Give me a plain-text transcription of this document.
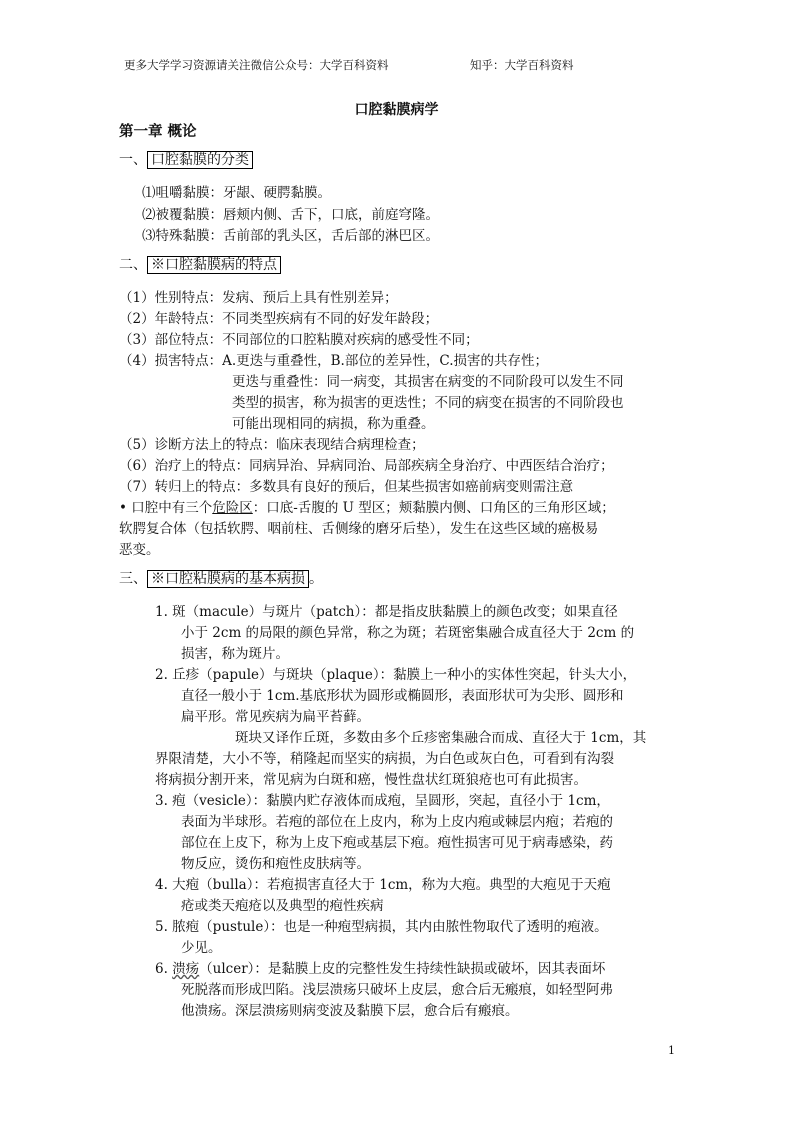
更多大学学习资源请关注微信公众号：大学百科资料	知乎：大学百科资料
口腔黏膜病学
第一章 概论
一、 口腔黏膜的分类
⑴咀嚼黏膜：牙龈、硬腭黏膜。
⑵被覆黏膜：唇颊内侧、舌下，口底，前庭穹隆。
⑶特殊黏膜：舌前部的乳头区，舌后部的淋巴区。
二、 ※口腔黏膜病的特点
（1）性别特点：发病、预后上具有性别差异；
（2）年龄特点：不同类型疾病有不同的好发年龄段；
（3）部位特点：不同部位的口腔粘膜对疾病的感受性不同；
（4）损害特点：A.更迭与重叠性，B.部位的差异性，C.损害的共存性；
更迭与重叠性：同一病变，其损害在病变的不同阶段可以发生不同
类型的损害，称为损害的更迭性；不同的病变在损害的不同阶段也
可能出现相同的病损，称为重叠。
（5）诊断方法上的特点：临床表现结合病理检查；
（6）治疗上的特点：同病异治、异病同治、局部疾病全身治疗、中西医结合治疗；
（7）转归上的特点：多数具有良好的预后，但某些损害如癌前病变则需注意
• 口腔中有三个危险区：口底-舌腹的 U 型区；颊黏膜内侧、口角区的三角形区域；
软腭复合体（包括软腭、咽前柱、舌侧缘的磨牙后垫），发生在这些区域的癌极易
恶变。
三、 ※口腔粘膜病的基本病损 。
1. 斑（macule）与斑片（patch）：都是指皮肤黏膜上的颜色改变；如果直径
小于 2cm 的局限的颜色异常，称之为斑；若斑密集融合成直径大于 2cm 的
损害，称为斑片。
2. 丘疹（papule）与斑块（plaque）：黏膜上一种小的实体性突起，针头大小，
直径一般小于 1cm.基底形状为圆形或椭圆形，表面形状可为尖形、圆形和
扁平形。常见疾病为扁平苔藓。
斑块又译作丘斑，多数由多个丘疹密集融合而成、直径大于 1cm，其
界限清楚，大小不等，稍隆起而坚实的病损，为白色或灰白色，可看到有沟裂
将病损分割开来，常见病为白斑和癌，慢性盘状红斑狼疮也可有此损害。
3. 疱（vesicle）：黏膜内贮存液体而成疱，呈圆形，突起，直径小于 1cm，
表面为半球形。若疱的部位在上皮内，称为上皮内疱或棘层内疱；若疱的
部位在上皮下，称为上皮下疱或基层下疱。疱性损害可见于病毒感染，药
物反应，烫伤和疱性皮肤病等。
4. 大疱（bulla）：若疱损害直径大于 1cm，称为大疱。典型的大疱见于天疱
疮或类天疱疮以及典型的疱性疾病
5. 脓疱（pustule）：也是一种疱型病损，其内由脓性物取代了透明的疱液。
少见。
6. 溃疡（ulcer）：是黏膜上皮的完整性发生持续性缺损或破坏，因其表面坏
死脱落而形成凹陷。浅层溃疡只破坏上皮层，愈合后无瘢痕，如轻型阿弗
他溃疡。深层溃疡则病变波及黏膜下层，愈合后有瘢痕。
1
